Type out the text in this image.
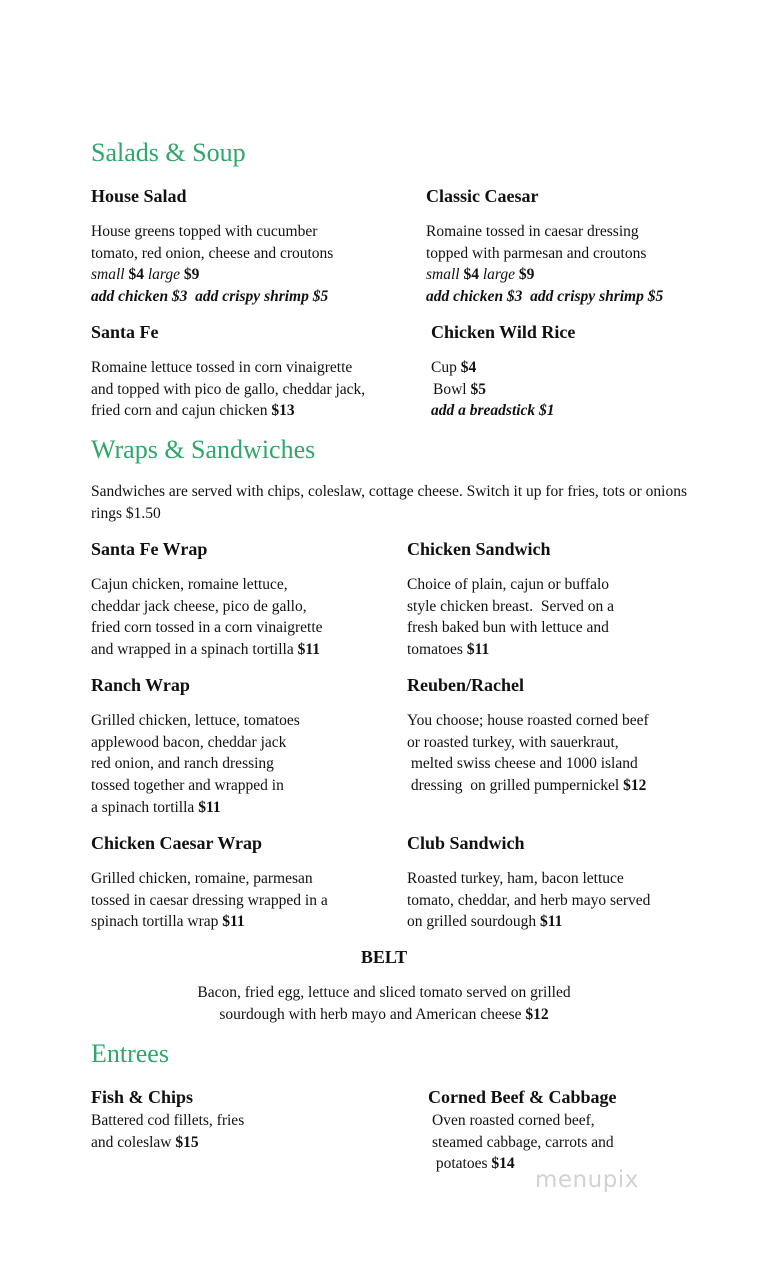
Salads & Soup
House Salad

House greens topped with cucumber

tomato, red onion, cheese and croutons

small $4 large $9

add chicken $3  add crispy shrimp $5

Classic Caesar

Romaine tossed in caesar dressing

topped with parmesan and croutons

small $4 large $9

add chicken $3  add crispy shrimp $5

Santa Fe

Romaine lettuce tossed in corn vinaigrette

and topped with pico de gallo, cheddar jack,

fried corn and cajun chicken $13

Chicken Wild Rice

Cup $4

Bowl $5

add a breadstick $1

Wraps & Sandwiches

Sandwiches are served with chips, coleslaw, cottage cheese. Switch it up for fries, tots or onions rings $1.50

Santa Fe Wrap

Cajun chicken, romaine lettuce,

cheddar jack cheese, pico de gallo,

fried corn tossed in a corn vinaigrette

and wrapped in a spinach tortilla $11

Chicken Sandwich

Choice of plain, cajun or buffalo

style chicken breast.  Served on a

fresh baked bun with lettuce and

tomatoes $11

Ranch Wrap

Grilled chicken, lettuce, tomatoes

applewood bacon, cheddar jack

red onion, and ranch dressing

tossed together and wrapped in

a spinach tortilla $11

Reuben/Rachel

You choose; house roasted corned beef

or roasted turkey, with sauerkraut,

melted swiss cheese and 1000 island

dressing  on grilled pumpernickel $12

Chicken Caesar Wrap

Grilled chicken, romaine, parmesan

tossed in caesar dressing wrapped in a

spinach tortilla wrap $11

Club Sandwich

Roasted turkey, ham, bacon lettuce

tomato, cheddar, and herb mayo served

on grilled sourdough $11

BELT

Bacon, fried egg, lettuce and sliced tomato served on grilled

sourdough with herb mayo and American cheese $12

Entrees
Fish & Chips

Battered cod fillets, fries

and coleslaw $15

Corned Beef & Cabbage

Oven roasted corned beef,

steamed cabbage, carrots and

potatoes $14

menupix
